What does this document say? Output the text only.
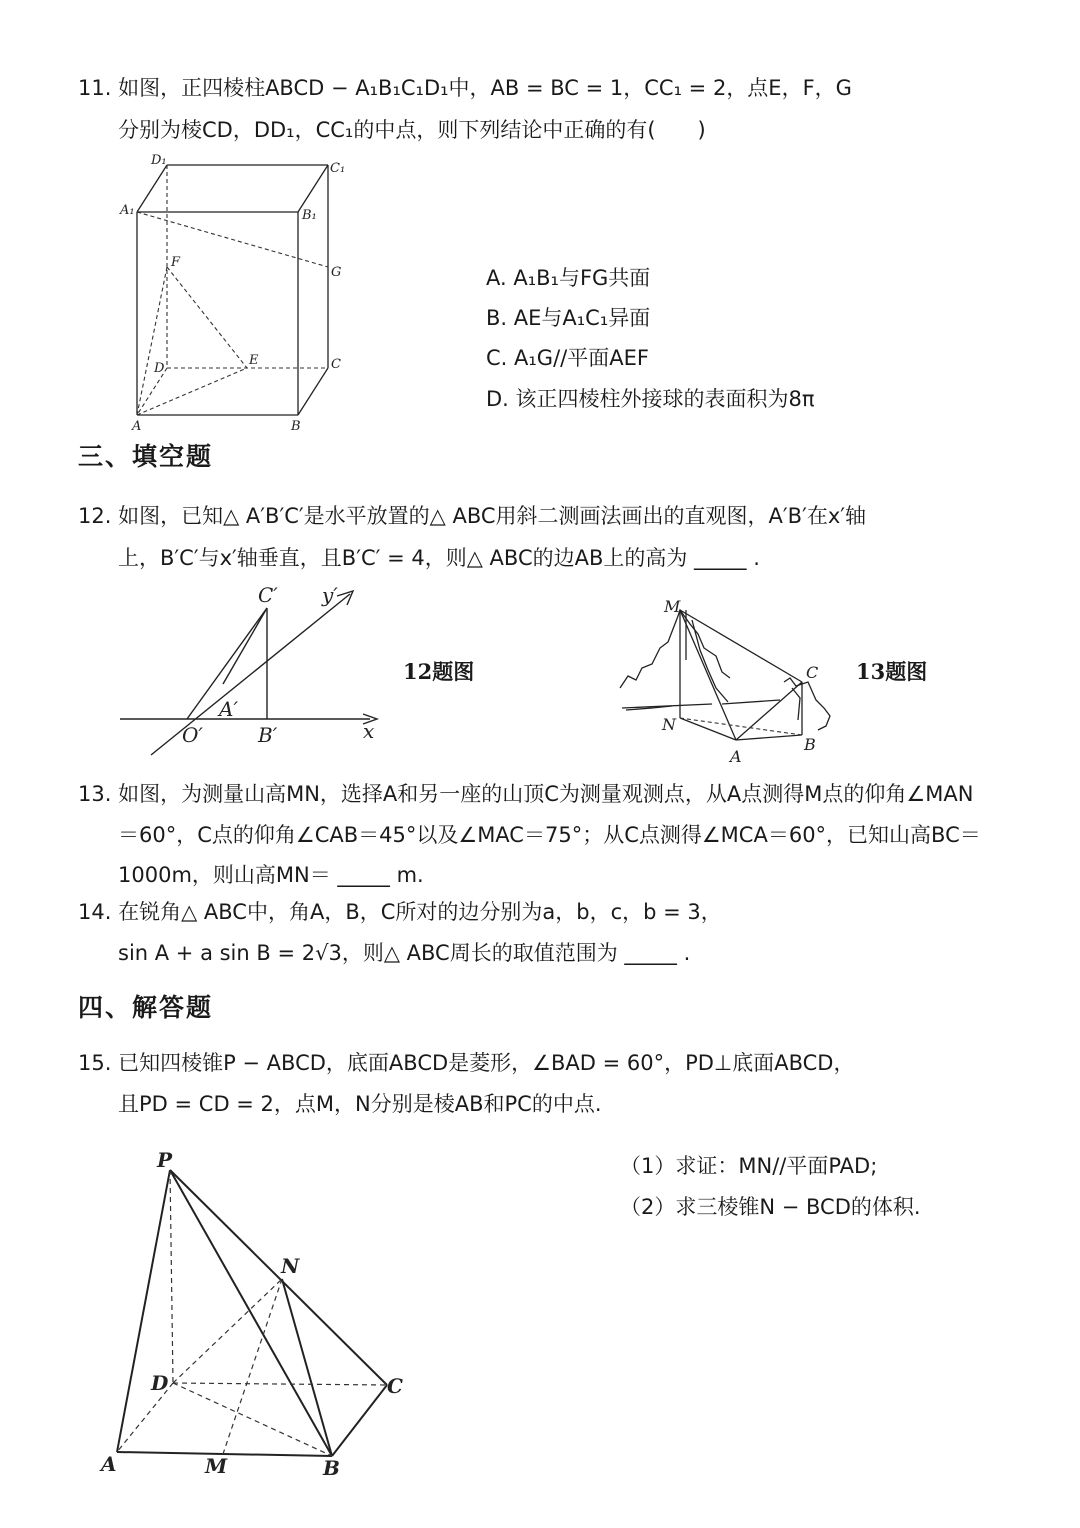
11. 如图，正四棱柱ABCD − A₁B₁C₁D₁中，AB = BC = 1，CC₁ = 2，点E，F，G
分别为棱CD，DD₁，CC₁的中点，则下列结论中正确的有(　　)
D₁
C₁
A₁	B₁
F
G
D
E	C
A	B
A. A₁B₁与FG共面
B. AE与A₁C₁异面
C. A₁G//平面AEF
D. 该正四棱柱外接球的表面积为8π
三、填空题
12. 如图，已知△ A′B′C′是水平放置的△ ABC用斜二测画法画出的直观图，A′B′在x′轴
上，B′C′与x′轴垂直，且B′C′ = 4，则△ ABC的边AB上的高为 _____ .
C′ y′
A′
O′	B′	x
12题图
M
C
N
A
B
13题图
13. 如图，为测量山高MN，选择A和另一座的山顶C为测量观测点，从A点测得M点的仰角∠MAN
＝60°，C点的仰角∠CAB＝45°以及∠MAC＝75°；从C点测得∠MCA＝60°，已知山高BC＝
1000m，则山高MN＝ _____ m.
14. 在锐角△ ABC中，角A，B，C所对的边分别为a，b，c，b = 3，
sin A + a sin B = 2√3，则△ ABC周长的取值范围为 _____ .
四、解答题
15. 已知四棱锥P − ABCD，底面ABCD是菱形，∠BAD = 60°，PD⊥底面ABCD，
且PD = CD = 2，点M，N分别是棱AB和PC的中点.
P
N
D	C
A	M	B
（1）求证：MN//平面PAD;
（2）求三棱锥N − BCD的体积.
